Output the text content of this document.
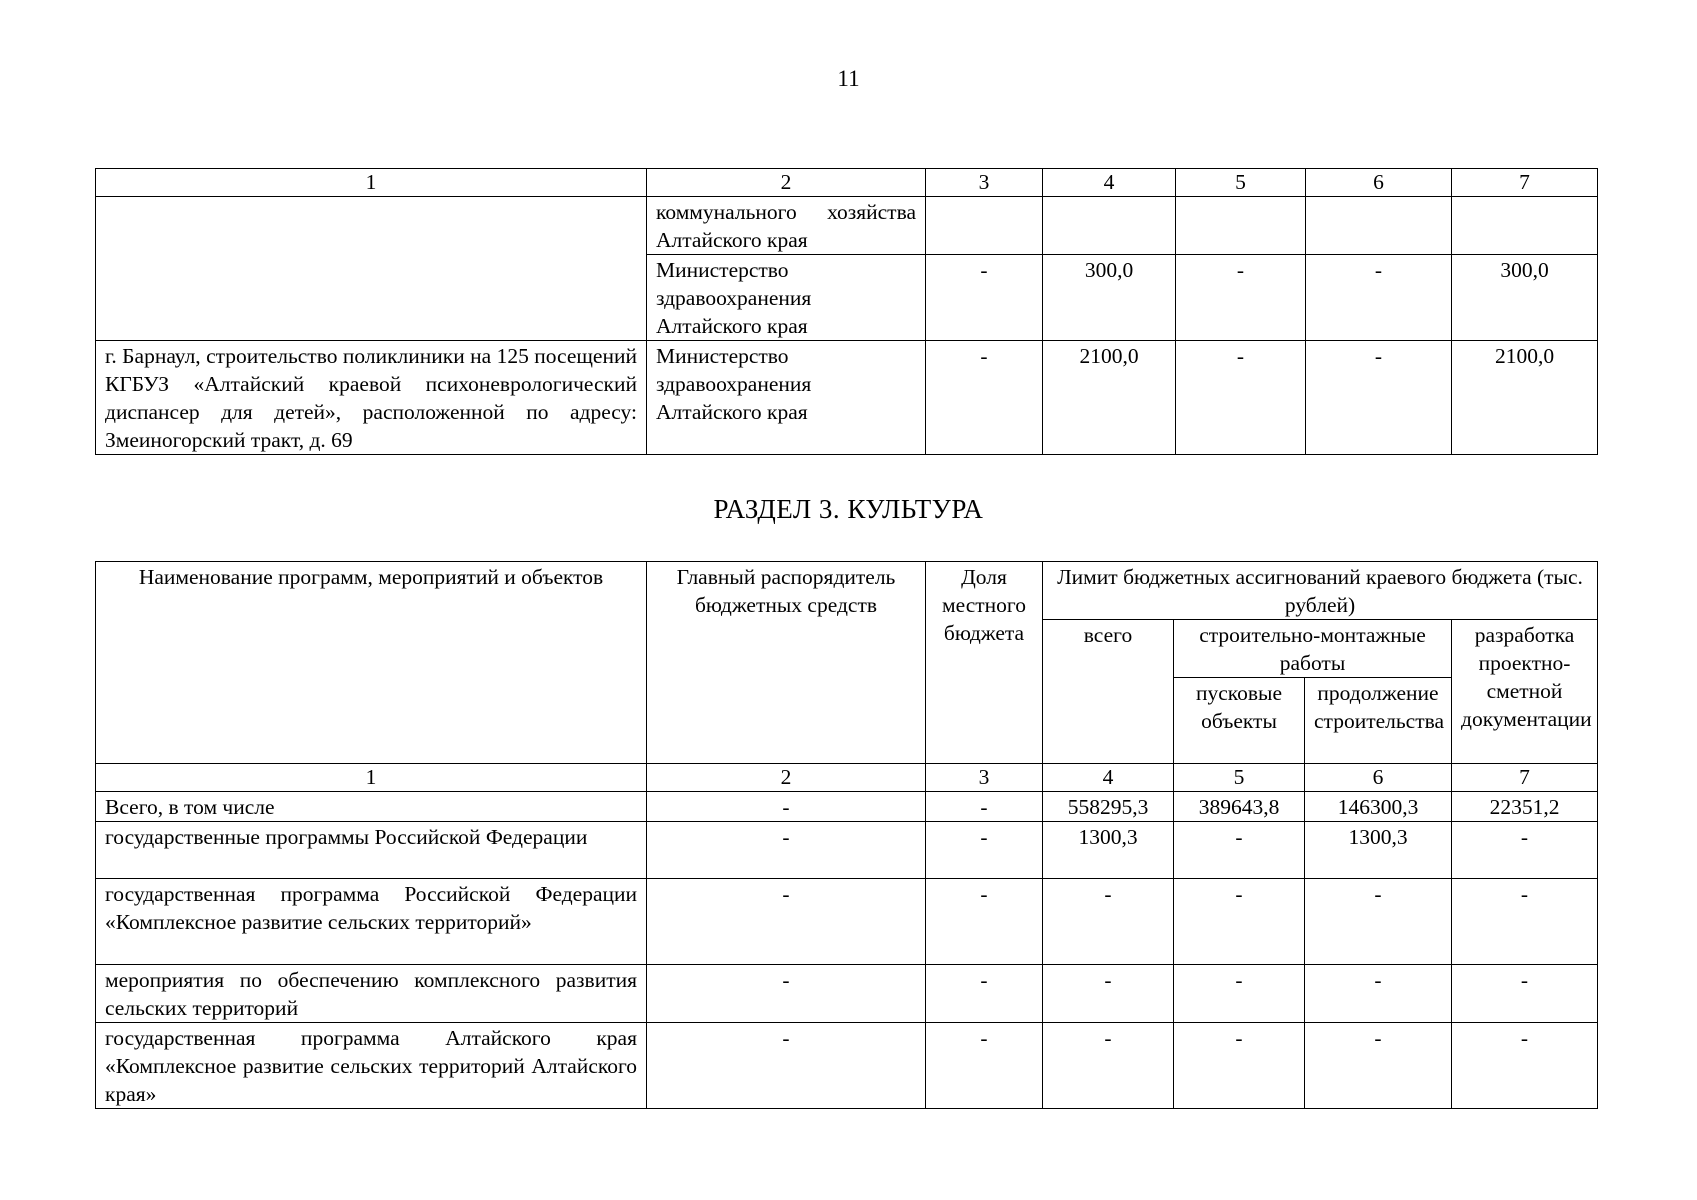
11
1	2	3	4	5	6	7
	коммунального хозяйства Алтайского края					
	Министерство здравоохранения Алтайского края	-	300,0	-	-	300,0
г. Барнаул, строительство поликлиники на 125 посещений КГБУЗ «Алтайский краевой психоневрологический диспансер для детей», расположенной по адресу: Змеиногорский тракт, д. 69	Министерство здравоохранения Алтайского края	-	2100,0	-	-	2100,0
РАЗДЕЛ 3. КУЛЬТУРА
Наименование программ, мероприятий и объектов	Главный распорядитель бюджетных средств	Доля местного бюджета	Лимит бюджетных ассигнований краевого бюджета (тыс. рублей)			
			всего	строительно-монтажные работы		разработка проектно-сметной документации
				пусковые объекты	продолжение строительства	
1	2	3	4	5	6	7
Всего, в том числе	-	-	558295,3	389643,8	146300,3	22351,2
государственные программы Российской Федерации	-	-	1300,3	-	1300,3	-
государственная программа Российской Федерации «Комплексное развитие сельских территорий»	-	-	-	-	-	-
мероприятия по обеспечению комплексного развития сельских территорий	-	-	-	-	-	-
государственная программа Алтайского края «Комплексное развитие сельских территорий Алтайского края»	-	-	-	-	-	-
